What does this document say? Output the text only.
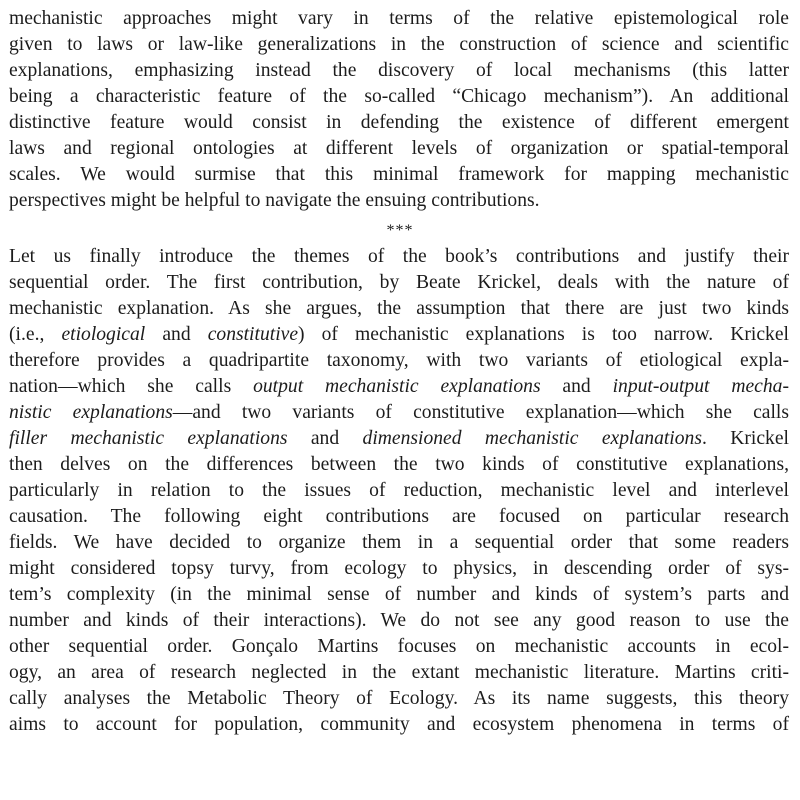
mechanistic approaches might vary in terms of the relative epistemological role
given to laws or law-like generalizations in the construction of science and scientific
explanations, emphasizing instead the discovery of local mechanisms (this latter
being a characteristic feature of the so-called “Chicago mechanism”). An additional
distinctive feature would consist in defending the existence of different emergent
laws and regional ontologies at different levels of organization or spatial-temporal
scales. We would surmise that this minimal framework for mapping mechanistic
perspectives might be helpful to navigate the ensuing contributions.
***
Let us finally introduce the themes of the book’s contributions and justify their
sequential order. The first contribution, by Beate Krickel, deals with the nature of
mechanistic explanation. As she argues, the assumption that there are just two kinds
(i.e., etiological and constitutive) of mechanistic explanations is too narrow. Krickel
therefore provides a quadripartite taxonomy, with two variants of etiological expla-
nation—which she calls output mechanistic explanations and input-output mecha-
nistic explanations—and two variants of constitutive explanation—which she calls
filler mechanistic explanations and dimensioned mechanistic explanations. Krickel
then delves on the differences between the two kinds of constitutive explanations,
particularly in relation to the issues of reduction, mechanistic level and interlevel
causation. The following eight contributions are focused on particular research
fields. We have decided to organize them in a sequential order that some readers
might considered topsy turvy, from ecology to physics, in descending order of sys-
tem’s complexity (in the minimal sense of number and kinds of system’s parts and
number and kinds of their interactions). We do not see any good reason to use the
other sequential order. Gonçalo Martins focuses on mechanistic accounts in ecol-
ogy, an area of research neglected in the extant mechanistic literature. Martins criti-
cally analyses the Metabolic Theory of Ecology. As its name suggests, this theory
aims to account for population, community and ecosystem phenomena in terms of
